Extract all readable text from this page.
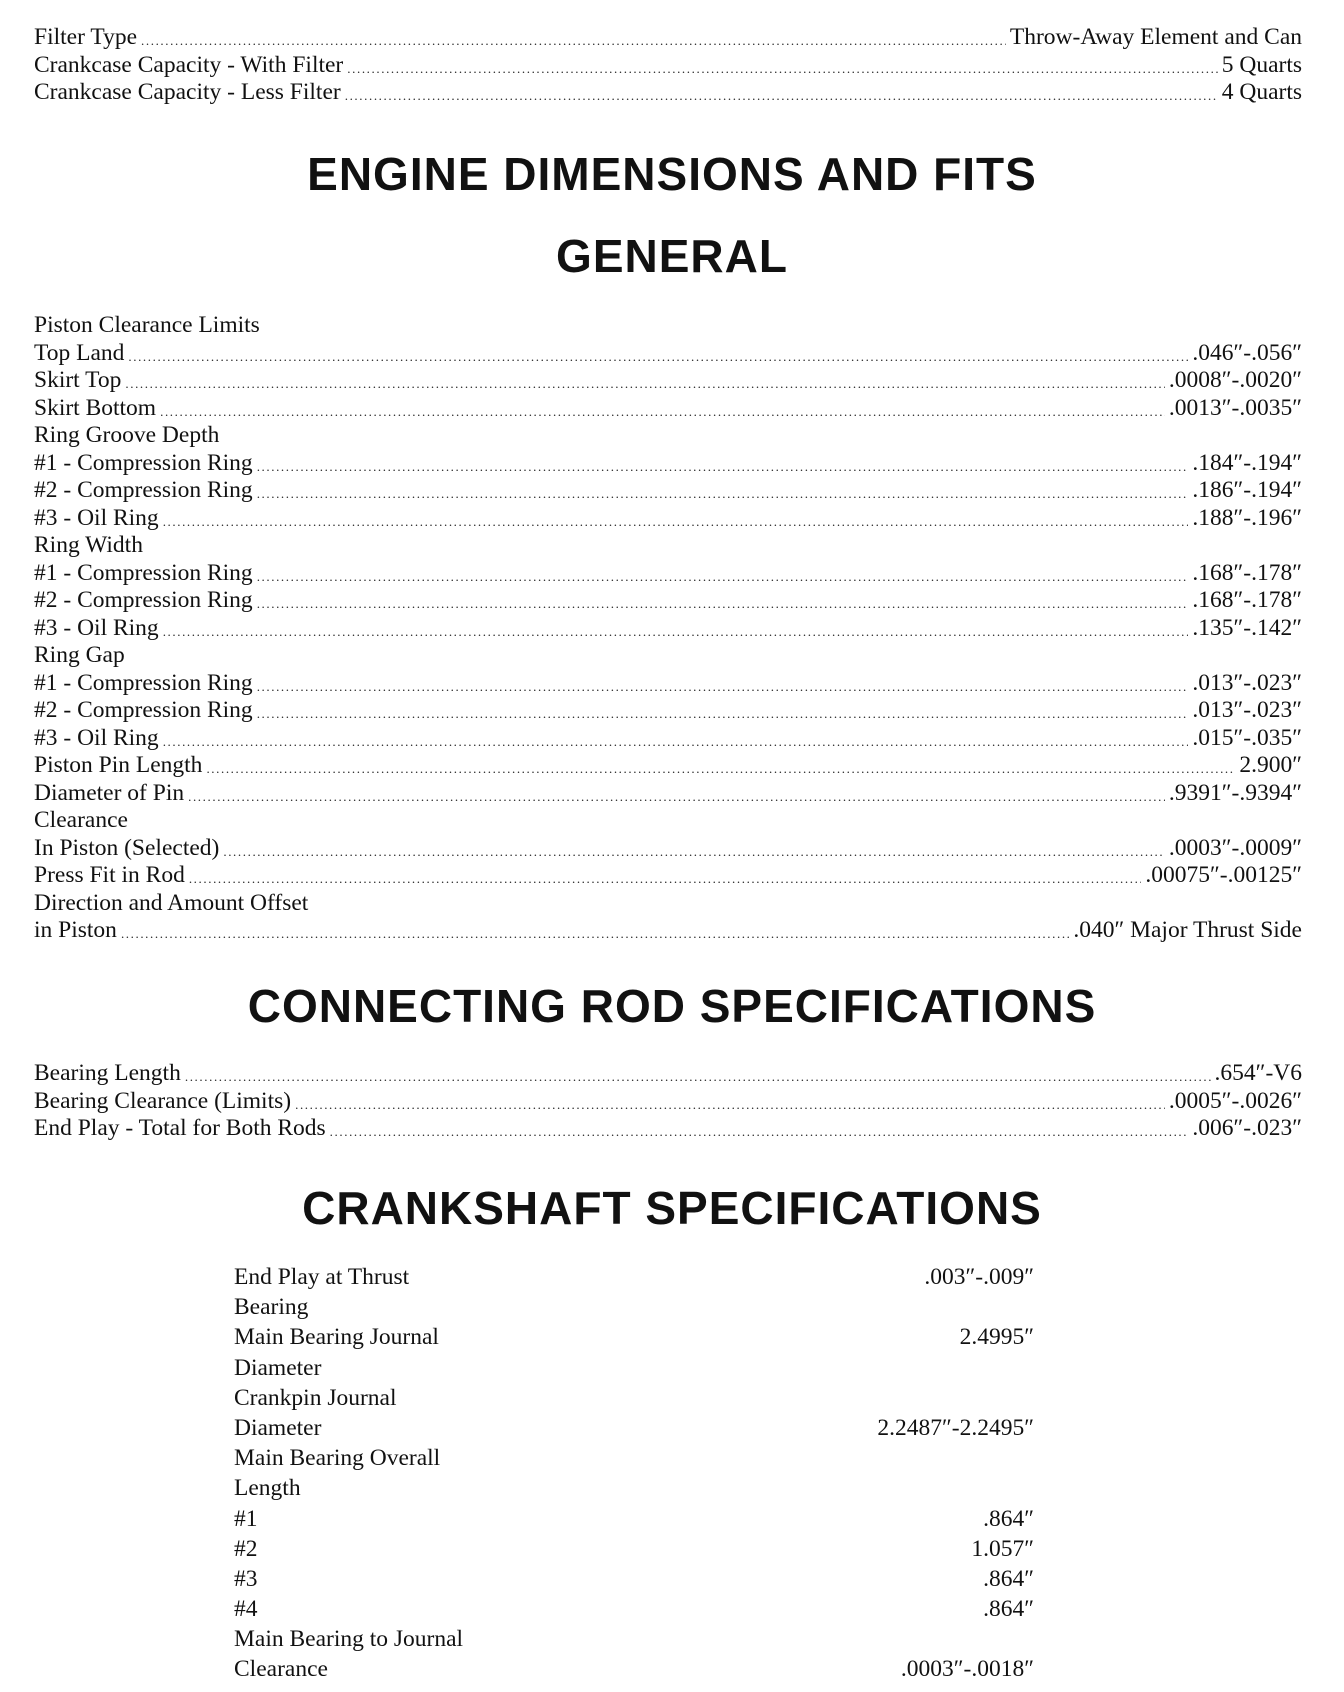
Filter Type .....	Throw-Away Element and Can
Crankcase Capacity - With Filter .....	5 Quarts
Crankcase Capacity - Less Filter .....	4 Quarts
ENGINE DIMENSIONS AND FITS
GENERAL
Piston Clearance Limits
Top Land .....	.046″-.056″
Skirt Top .....	.0008″-.0020″
Skirt Bottom .....	.0013″-.0035″
Ring Groove Depth
#1 - Compression Ring .....	.184″-.194″
#2 - Compression Ring .....	.186″-.194″
#3 - Oil Ring .....	.188″-.196″
Ring Width
#1 - Compression Ring .....	.168″-.178″
#2 - Compression Ring .....	.168″-.178″
#3 - Oil Ring .....	.135″-.142″
Ring Gap
#1 - Compression Ring .....	.013″-.023″
#2 - Compression Ring .....	.013″-.023″
#3 - Oil Ring .....	.015″-.035″
Piston Pin Length .....	2.900″
Diameter of Pin .....	.9391″-.9394″
Clearance
In Piston (Selected) .....	.0003″-.0009″
Press Fit in Rod .....	.00075″-.00125″
Direction and Amount Offset
in Piston .....	.040″ Major Thrust Side
CONNECTING ROD SPECIFICATIONS
Bearing Length .....	.654″-V6
Bearing Clearance (Limits) .....	.0005″-.0026″
End Play - Total for Both Rods .....	.006″-.023″
CRANKSHAFT SPECIFICATIONS
End Play at Thrust	.003″-.009″
Bearing
Main Bearing Journal	2.4995″
Diameter
Crankpin Journal
Diameter	2.2487″-2.2495″
Main Bearing Overall
Length
#1	.864″
#2	1.057″
#3	.864″
#4	.864″
Main Bearing to Journal
Clearance	.0003″-.0018″
